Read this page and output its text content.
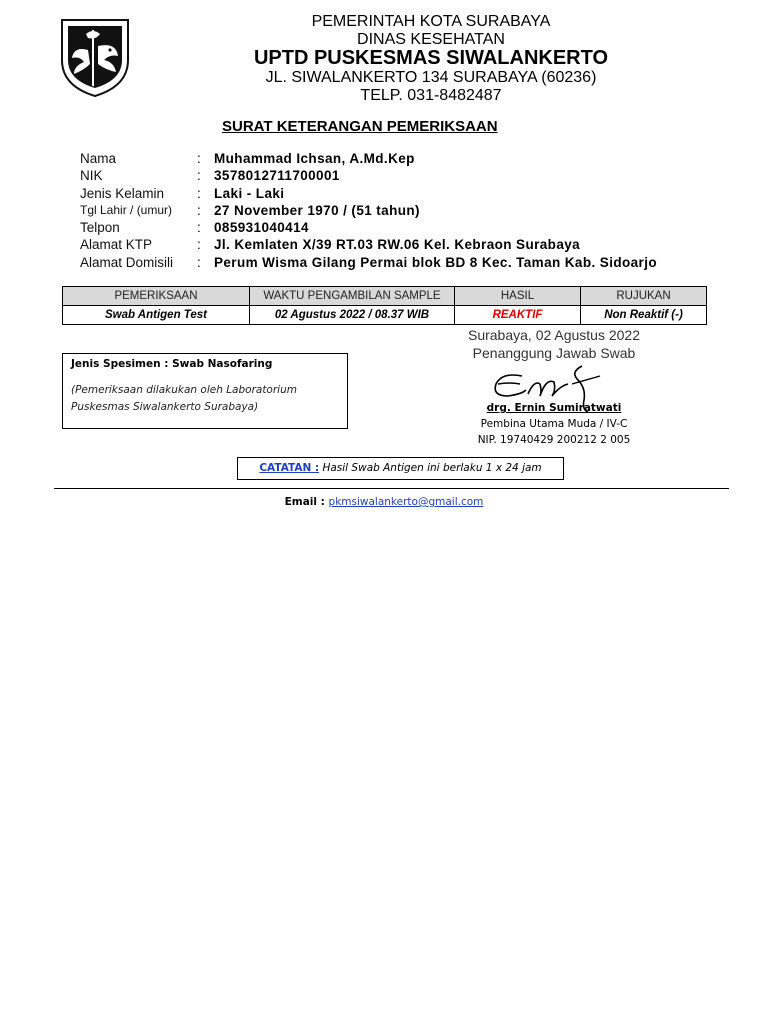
PEMERINTAH KOTA SURABAYA
DINAS KESEHATAN
UPTD PUSKESMAS SIWALANKERTO
JL. SIWALANKERTO 134 SURABAYA (60236)
TELP. 031-8482487
SURAT KETERANGAN PEMERIKSAAN
Nama	: Muhammad Ichsan, A.Md.Kep
NIK	: 3578012711700001
Jenis Kelamin : Laki - Laki
Tgl Lahir / (umur) : 27 November 1970 / (51 tahun)
Telpon	: 085931040414
Alamat KTP	: Jl. Kemlaten X/39 RT.03 RW.06 Kel. Kebraon Surabaya
Alamat Domisili : Perum Wisma Gilang Permai blok BD 8 Kec. Taman Kab. Sidoarjo
PEMERIKSAAN	WAKTU PENGAMBILAN SAMPLE	HASIL	RUJUKAN
Swab Antigen Test	02 Agustus 2022 / 08.37 WIB	REAKTIF	Non Reaktif (-)
Jenis Spesimen : Swab Nasofaring
(Pemeriksaan dilakukan oleh Laboratorium
Puskesmas Siwalankerto Surabaya)
Surabaya, 02 Agustus 2022
Penanggung Jawab Swab
drg. Ernin Sumiratwati
Pembina Utama Muda / IV-C
NIP. 19740429 200212 2 005
CATATAN : Hasil Swab Antigen ini berlaku 1 x 24 jam
Email : pkmsiwalankerto@gmail.com
